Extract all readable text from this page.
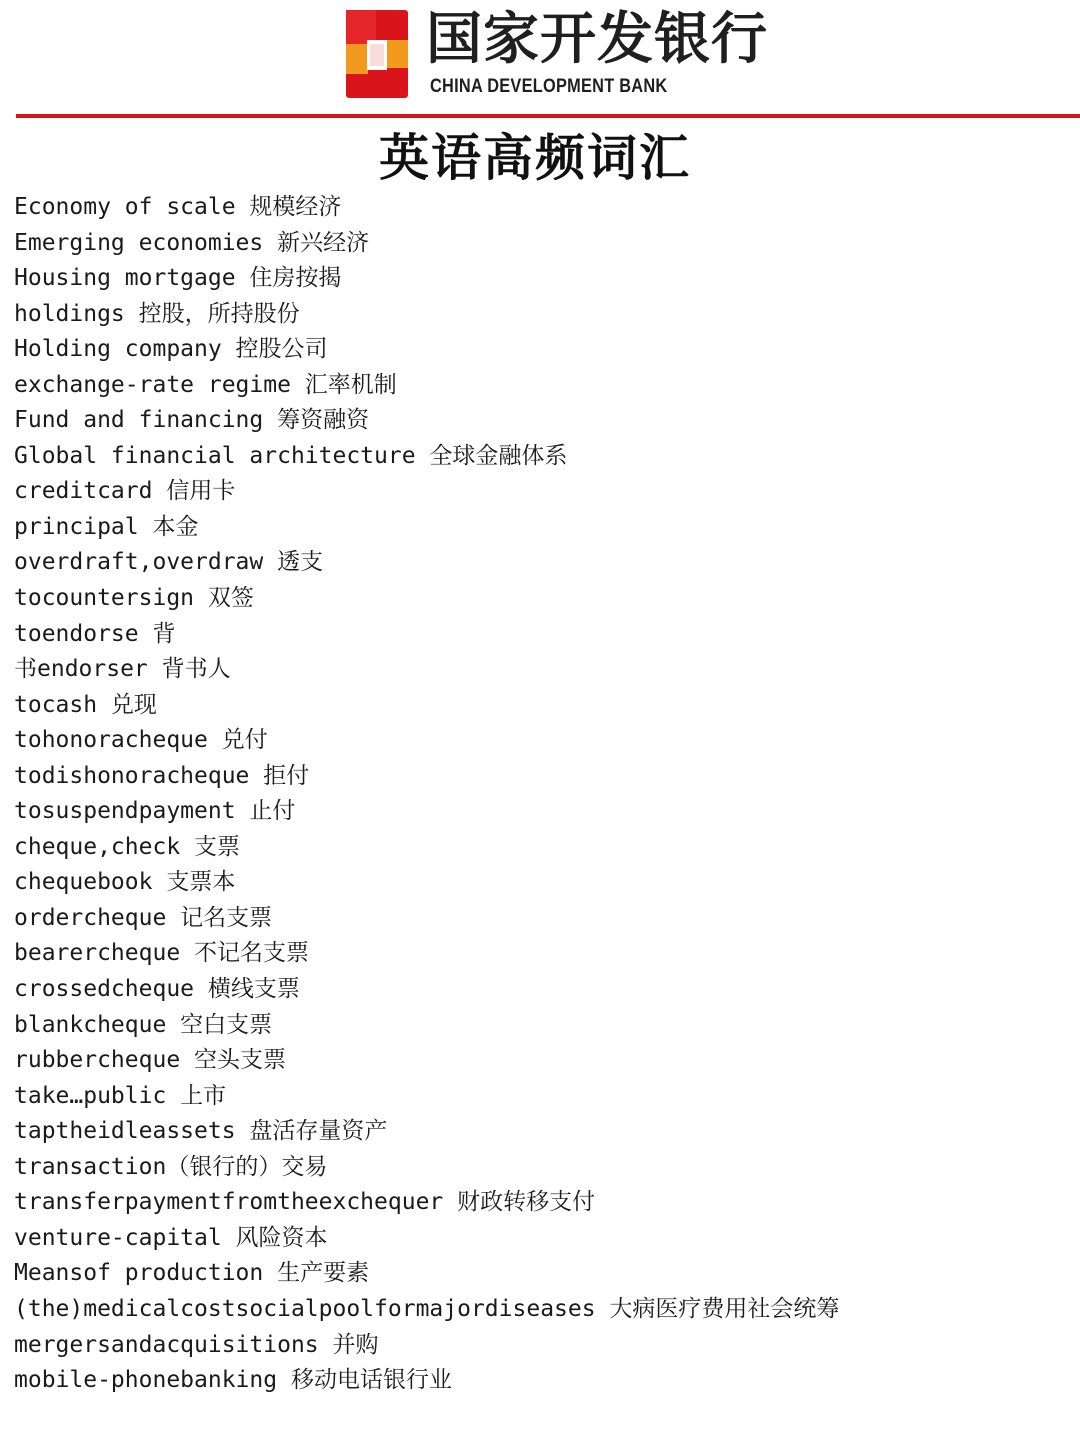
国家开发银行
CHINA DEVELOPMENT BANK
英语高频词汇
Economy of scale 规模经济
Emerging economies 新兴经济
Housing mortgage 住房按揭
holdings 控股，所持股份
Holding company 控股公司
exchange-rate regime 汇率机制
Fund and financing 筹资融资
Global financial architecture 全球金融体系
creditcard 信用卡
principal 本金
overdraft,overdraw 透支
tocountersign 双签
toendorse 背
书endorser 背书人
tocash 兑现
tohonoracheque 兑付
todishonoracheque 拒付
tosuspendpayment 止付
cheque,check 支票
chequebook 支票本
ordercheque 记名支票
bearercheque 不记名支票
crossedcheque 横线支票
blankcheque 空白支票
rubbercheque 空头支票
take…public 上市
taptheidleassets 盘活存量资产
transaction（银行的）交易
transferpaymentfromtheexchequer 财政转移支付
venture-capital 风险资本
Meansof production 生产要素
(the)medicalcostsocialpoolformajordiseases 大病医疗费用社会统筹
mergersandacquisitions 并购
mobile-phonebanking 移动电话银行业
